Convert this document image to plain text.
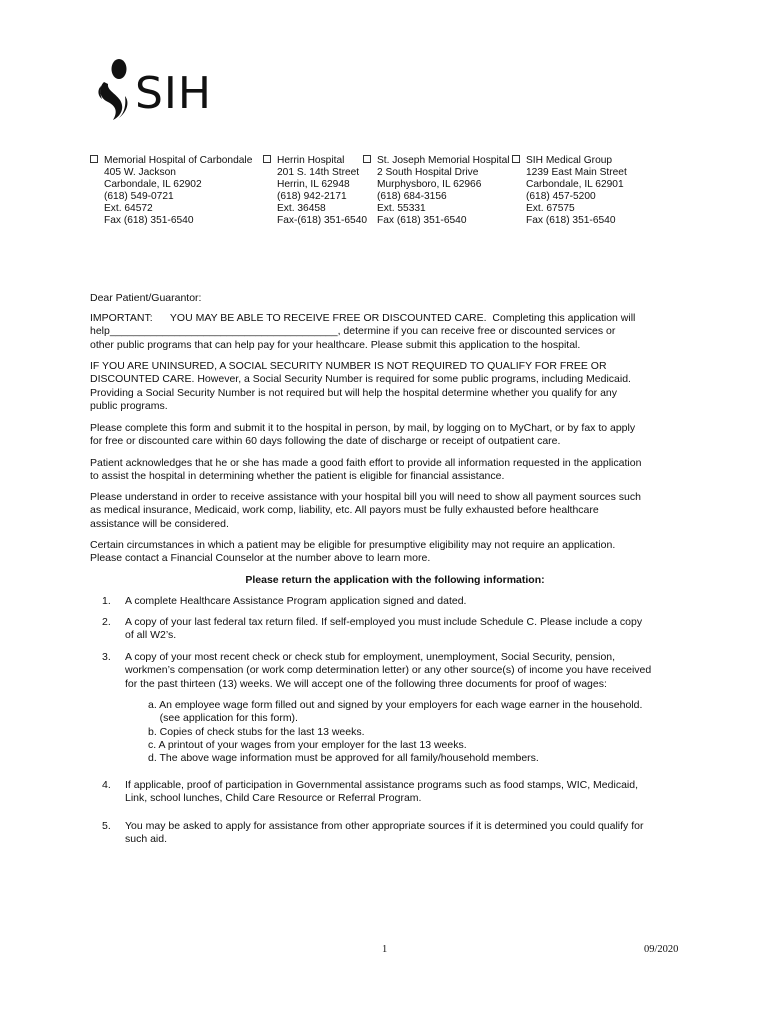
SIH
Memorial Hospital of Carbondale
405 W. Jackson
Carbondale, IL 62902
(618) 549-0721
Ext. 64572
Fax (618) 351-6540
Herrin Hospital
201 S. 14th Street
Herrin, IL 62948
(618) 942-2171
Ext. 36458
Fax-(618) 351-6540
St. Joseph Memorial Hospital
2 South Hospital Drive
Murphysboro, IL 62966
(618) 684-3156
Ext. 55331
Fax (618) 351-6540
SIH Medical Group
1239 East Main Street
Carbondale, IL 62901
(618) 457-5200
Ext. 67575
Fax (618) 351-6540
Dear Patient/Guarantor:
IMPORTANT:      YOU MAY BE ABLE TO RECEIVE FREE OR DISCOUNTED CARE.  Completing this application will
help_______________________________________, determine if you can receive free or discounted services or
other public programs that can help pay for your healthcare. Please submit this application to the hospital.
IF YOU ARE UNINSURED, A SOCIAL SECURITY NUMBER IS NOT REQUIRED TO QUALIFY FOR FREE OR
DISCOUNTED CARE. However, a Social Security Number is required for some public programs, including Medicaid.
Providing a Social Security Number is not required but will help the hospital determine whether you qualify for any
public programs.
Please complete this form and submit it to the hospital in person, by mail, by logging on to MyChart, or by fax to apply
for free or discounted care within 60 days following the date of discharge or receipt of outpatient care.
Patient acknowledges that he or she has made a good faith effort to provide all information requested in the application
to assist the hospital in determining whether the patient is eligible for financial assistance.
Please understand in order to receive assistance with your hospital bill you will need to show all payment sources such
as medical insurance, Medicaid, work comp, liability, etc. All payors must be fully exhausted before healthcare
assistance will be considered.
Certain circumstances in which a patient may be eligible for presumptive eligibility may not require an application.
Please contact a Financial Counselor at the number above to learn more.
Please return the application with the following information:
1. A complete Healthcare Assistance Program application signed and dated.
2. A copy of your last federal tax return filed. If self-employed you must include Schedule C. Please include a copy
of all W2’s.
3. A copy of your most recent check or check stub for employment, unemployment, Social Security, pension,
workmen’s compensation (or work comp determination letter) or any other source(s) of income you have received
for the past thirteen (13) weeks. We will accept one of the following three documents for proof of wages:
a. An employee wage form filled out and signed by your employers for each wage earner in the household.
(see application for this form).
b. Copies of check stubs for the last 13 weeks.
c. A printout of your wages from your employer for the last 13 weeks.
d. The above wage information must be approved for all family/household members.
4. If applicable, proof of participation in Governmental assistance programs such as food stamps, WIC, Medicaid,
Link, school lunches, Child Care Resource or Referral Program.
5. You may be asked to apply for assistance from other appropriate sources if it is determined you could qualify for
such aid.
1	09/2020
